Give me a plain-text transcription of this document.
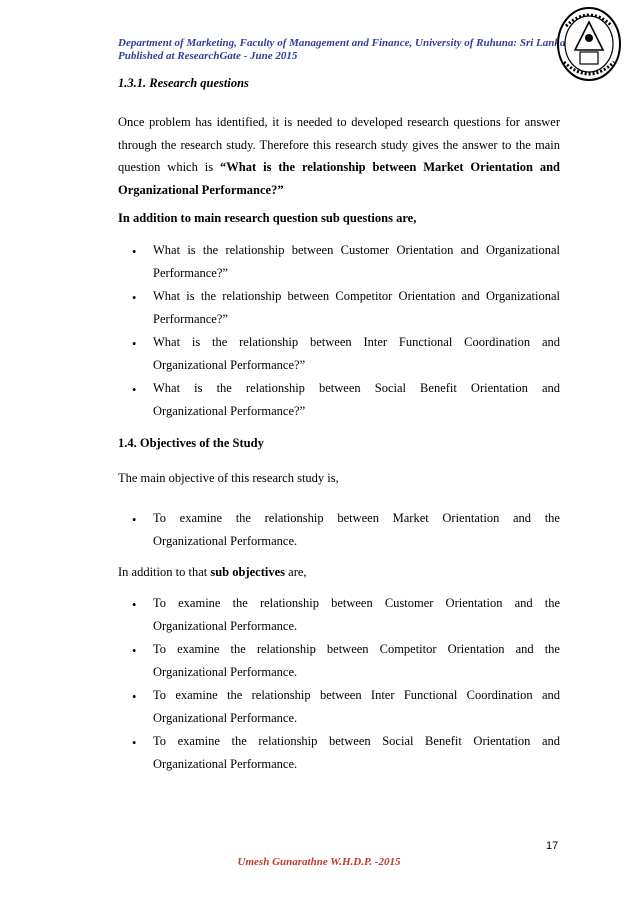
Department of Marketing, Faculty of Management and Finance, University of Ruhuna: Sri Lanka
Published at ResearchGate - June 2015
1.3.1. Research questions
Once problem has identified, it is needed to developed research questions for answer
through the research study. Therefore this research study gives the answer to the main
question which is “What is the relationship between Market Orientation and
Organizational Performance?”
In addition to main research question sub questions are,
• What is the relationship between Customer Orientation and Organizational
Performance?”
• What is the relationship between Competitor Orientation and Organizational
Performance?”
• What is the relationship between Inter Functional Coordination and
Organizational Performance?”
• What is the relationship between Social Benefit Orientation and
Organizational Performance?”
1.4. Objectives of the Study
The main objective of this research study is,
• To examine the relationship between Market Orientation and the
Organizational Performance.
In addition to that sub objectives are,
• To examine the relationship between Customer Orientation and the
Organizational Performance.
• To examine the relationship between Competitor Orientation and the
Organizational Performance.
• To examine the relationship between Inter Functional Coordination and
Organizational Performance.
• To examine the relationship between Social Benefit Orientation and
Organizational Performance.
17
Umesh Gunarathne W.H.D.P. -2015
